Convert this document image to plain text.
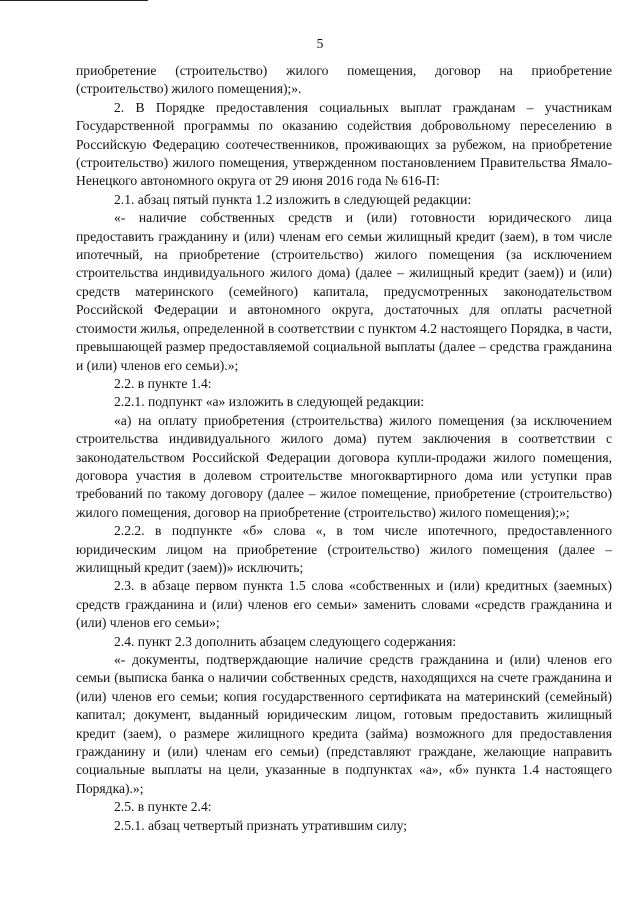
5

приобретение (строительство) жилого помещения, договор на приобретение (строительство) жилого помещения);».

2. В Порядке предоставления социальных выплат гражданам – участникам Государственной программы по оказанию содействия добровольному переселению в Российскую Федерацию соотечественников, проживающих за рубежом, на приобретение (строительство) жилого помещения, утвержденном постановлением Правительства Ямало-Ненецкого автономного округа от 29 июня 2016 года № 616-П:

2.1. абзац пятый пункта 1.2 изложить в следующей редакции:

«- наличие собственных средств и (или) готовности юридического лица предоставить гражданину и (или) членам его семьи жилищный кредит (заем), в том числе ипотечный, на приобретение (строительство) жилого помещения (за исключением строительства индивидуального жилого дома) (далее – жилищный кредит (заем)) и (или) средств материнского (семейного) капитала, предусмотренных законодательством Российской Федерации и автономного округа, достаточных для оплаты расчетной стоимости жилья, определенной в соответствии с пунктом 4.2 настоящего Порядка, в части, превышающей размер предоставляемой социальной выплаты (далее – средства гражданина и (или) членов его семьи).»;

2.2. в пункте 1.4:

2.2.1. подпункт «а» изложить в следующей редакции:

«а) на оплату приобретения (строительства) жилого помещения (за исключением строительства индивидуального жилого дома) путем заключения в соответствии с законодательством Российской Федерации договора купли-продажи жилого помещения, договора участия в долевом строительстве многоквартирного дома или уступки прав требований по такому договору (далее – жилое помещение, приобретение (строительство) жилого помещения, договор на приобретение (строительство) жилого помещения);»;

2.2.2. в подпункте «б» слова «, в том числе ипотечного, предоставленного юридическим лицом на приобретение (строительство) жилого помещения (далее – жилищный кредит (заем))» исключить;

2.3. в абзаце первом пункта 1.5 слова «собственных и (или) кредитных (заемных) средств гражданина и (или) членов его семьи» заменить словами «средств гражданина и (или) членов его семьи»;

2.4. пункт 2.3 дополнить абзацем следующего содержания:

«- документы, подтверждающие наличие средств гражданина и (или) членов его семьи (выписка банка о наличии собственных средств, находящихся на счете гражданина и (или) членов его семьи; копия государственного сертификата на материнский (семейный) капитал; документ, выданный юридическим лицом, готовым предоставить жилищный кредит (заем), о размере жилищного кредита (займа) возможного для предоставления гражданину и (или) членам его семьи) (представляют граждане, желающие направить социальные выплаты на цели, указанные в подпунктах «а», «б» пункта 1.4 настоящего Порядка).»;

2.5. в пункте 2.4:

2.5.1. абзац четвертый признать утратившим силу;
